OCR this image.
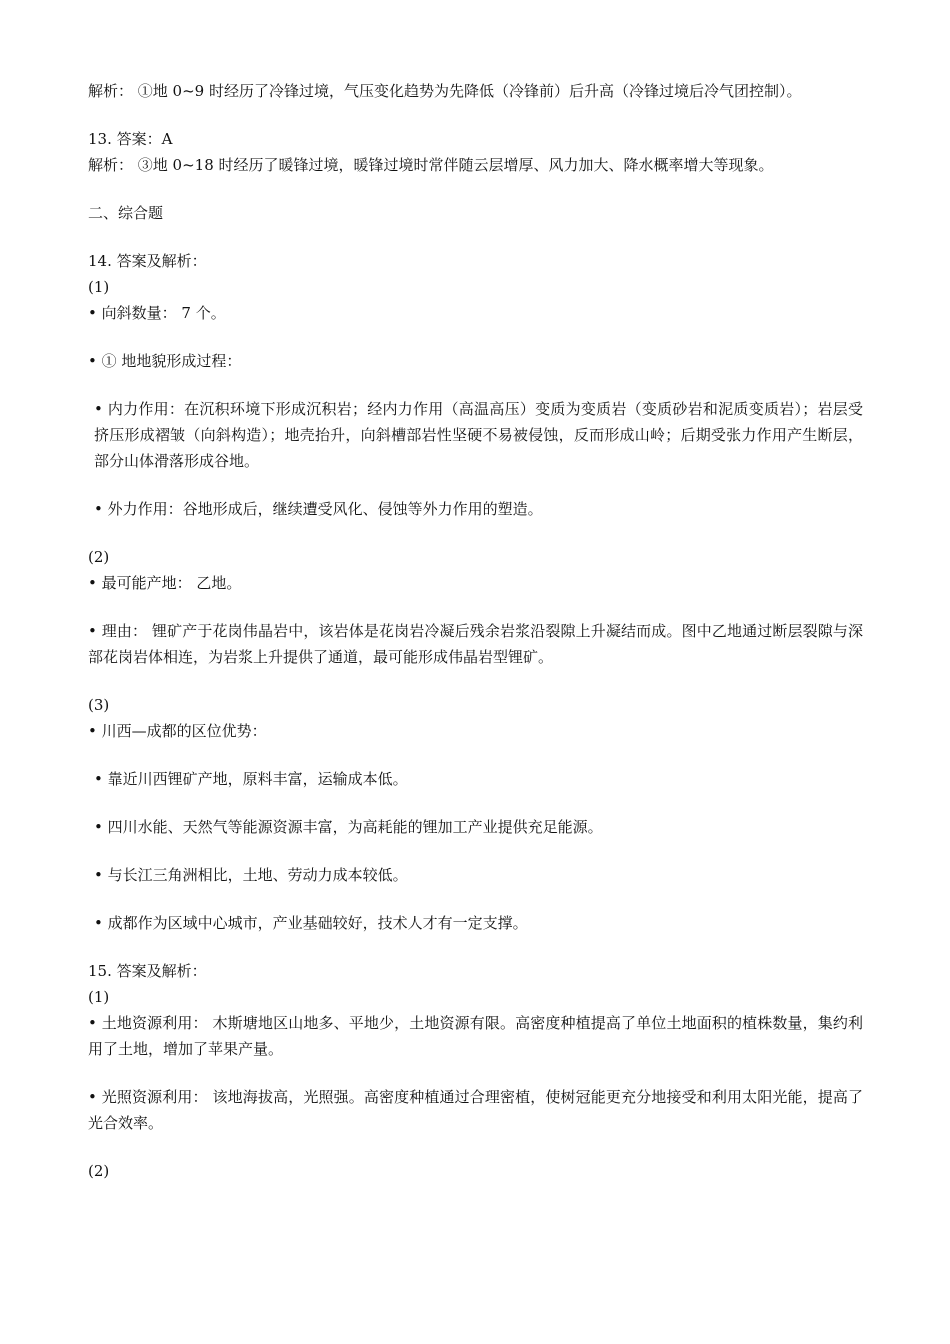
解析： ①地 0~9 时经历了冷锋过境，气压变化趋势为先降低（冷锋前）后升高（冷锋过境后冷气团控制）。
13. 答案：A
解析： ③地 0~18 时经历了暖锋过境，暖锋过境时常伴随云层增厚、风力加大、降水概率增大等现象。
二、综合题
14. 答案及解析：
(1)
• 向斜数量： 7 个。
• ① 地地貌形成过程：
• 内力作用：在沉积环境下形成沉积岩；经内力作用（高温高压）变质为变质岩（变质砂岩和泥质变质岩）；岩层受挤压形成褶皱（向斜构造）；地壳抬升，向斜槽部岩性坚硬不易被侵蚀，反而形成山岭；后期受张力作用产生断层，部分山体滑落形成谷地。
• 外力作用：谷地形成后，继续遭受风化、侵蚀等外力作用的塑造。
(2)
• 最可能产地： 乙地。
• 理由： 锂矿产于花岗伟晶岩中，该岩体是花岗岩冷凝后残余岩浆沿裂隙上升凝结而成。图中乙地通过断层裂隙与深部花岗岩体相连，为岩浆上升提供了通道，最可能形成伟晶岩型锂矿。
(3)
• 川西—成都的区位优势：
• 靠近川西锂矿产地，原料丰富，运输成本低。
• 四川水能、天然气等能源资源丰富，为高耗能的锂加工产业提供充足能源。
• 与长江三角洲相比，土地、劳动力成本较低。
• 成都作为区域中心城市，产业基础较好，技术人才有一定支撑。
15. 答案及解析：
(1)
• 土地资源利用： 木斯塘地区山地多、平地少，土地资源有限。高密度种植提高了单位土地面积的植株数量，集约利用了土地，增加了苹果产量。
• 光照资源利用： 该地海拔高，光照强。高密度种植通过合理密植，使树冠能更充分地接受和利用太阳光能，提高了光合效率。
(2)
